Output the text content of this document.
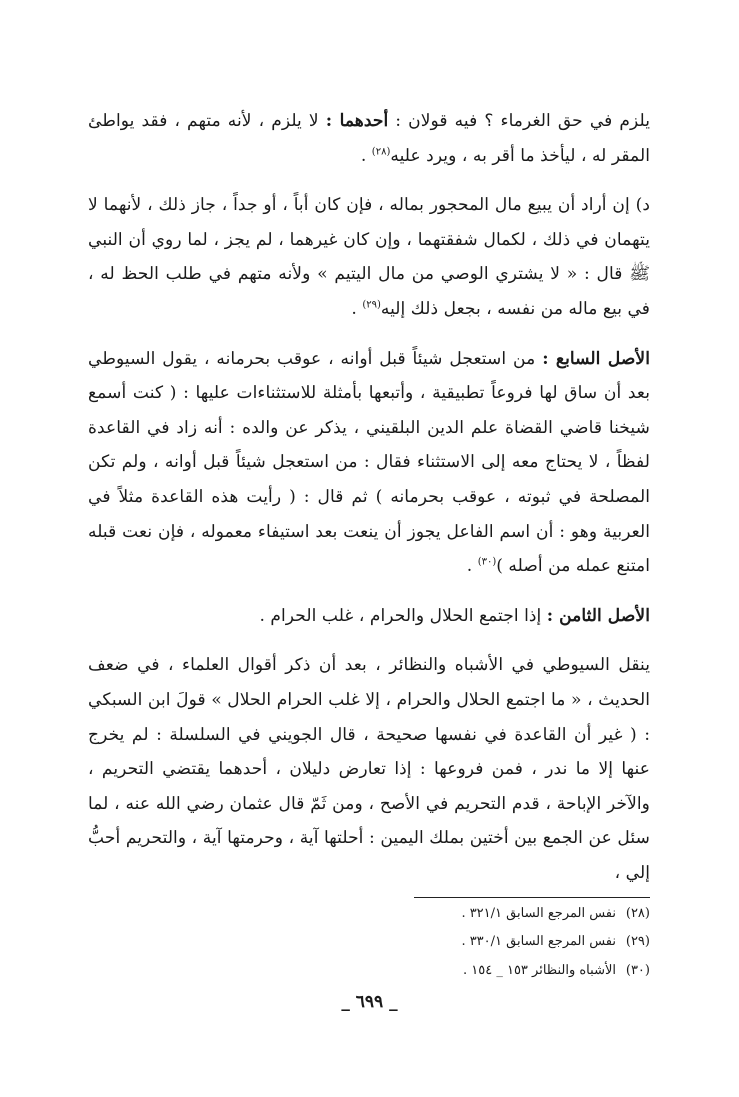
يلزم في حق الغرماء ؟ فيه قولان : أحدهما : لا يلزم ، لأنه متهم ، فقد يواطئ المقر له ، ليأخذ ما أقر به ، ويرد عليه$^{(٢٨)}$ .

د) إن أراد أن يبيع مال المحجور بماله ، فإن كان أباً ، أو جداً ، جاز ذلك ، لأنهما لا يتهمان في ذلك ، لكمال شفقتهما ، وإن كان غيرهما ، لم يجز ، لما روي أن النبي ﷺ قال : « لا يشتري الوصي من مال اليتيم » ولأنه متهم في طلب الحظ له ، في بيع ماله من نفسه ، بجعل ذلك إليه$^{(٢٩)}$ .

الأصل السابع : من استعجل شيئاً قبل أوانه ، عوقب بحرمانه ، يقول السيوطي بعد أن ساق لها فروعاً تطبيقية ، وأتبعها بأمثلة للاستثناءات عليها : ( كنت أسمع شيخنا قاضي القضاة علم الدين البلقيني ، يذكر عن والده : أنه زاد في القاعدة لفظاً ، لا يحتاج معه إلى الاستثناء فقال : من استعجل شيئاً قبل أوانه ، ولم تكن المصلحة في ثبوته ، عوقب بحرمانه ) ثم قال : ( رأيت هذه القاعدة مثلاً في العربية وهو : أن اسم الفاعل يجوز أن ينعت بعد استيفاء معموله ، فإن نعت قبله امتنع عمله من أصله )$^{(٣٠)}$ .

الأصل الثامن : إذا اجتمع الحلال والحرام ، غلب الحرام .

ينقل السيوطي في الأشباه والنظائر ، بعد أن ذكر أقوال العلماء ، في ضعف الحديث ، « ما اجتمع الحلال والحرام ، إلا غلب الحرام الحلال » قولَ ابن السبكي : ( غير أن القاعدة في نفسها صحيحة ، قال الجويني في السلسلة : لم يخرج عنها إلا ما ندر ، فمن فروعها : إذا تعارض دليلان ، أحدهما يقتضي التحريم ، والآخر الإباحة ، قدم التحريم في الأصح ، ومن ثَمّ قال عثمان رضي الله عنه ، لما سئل عن الجمع بين أختين بملك اليمين : أحلتها آية ، وحرمتها آية ، والتحريم أحبُّ إلي ،

(٢٨)نفس المرجع السابق ٣٢١/١ .
(٢٩)نفس المرجع السابق ٣٣٠/١ .
(٣٠)الأشباه والنظائر ١٥٣ _ ١٥٤ .
_ ٦٩٩ _
